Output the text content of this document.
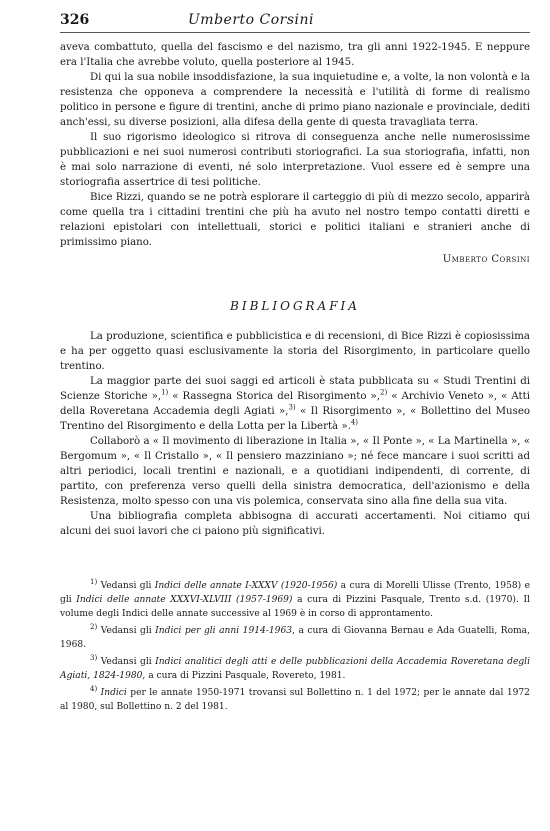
326	Umberto Corsini

aveva combattuto, quella del fascismo e del nazismo, tra gli anni 1922-1945. E neppure era l'Italia che avrebbe voluto, quella posteriore al 1945.

Di qui la sua nobile insoddisfazione, la sua inquietudine e, a volte, la non volontà e la resistenza che opponeva a comprendere la necessità e l'utilità di forme di realismo politico in persone e figure di trentini, anche di primo piano nazionale e provinciale, dediti anch'essi, su diverse posizioni, alla difesa della gente di questa travagliata terra.

Il suo rigorismo ideologico si ritrova di conseguenza anche nelle numerosissime pubblicazioni e nei suoi numerosi contributi storiografici. La sua storiografia, infatti, non è mai solo narrazione di eventi, né solo interpretazione. Vuol essere ed è sempre una storiografia assertrice di tesi politiche.

Bice Rizzi, quando se ne potrà esplorare il carteggio di più di mezzo secolo, apparirà come quella tra i cittadini trentini che più ha avuto nel nostro tempo contatti diretti e relazioni epistolari con intellettuali, storici e politici italiani e stranieri anche di primissimo piano.

Umberto Corsini
BIBLIOGRAFIA

La produzione, scientifica e pubblicistica e di recensioni, di Bice Rizzi è copiosissima e ha per oggetto quasi esclusivamente la storia del Risorgimento, in particolare quello trentino.

La maggior parte dei suoi saggi ed articoli è stata pubblicata su « Studi Trentini di Scienze Storiche »,$^{1)}$ « Rassegna Storica del Risorgimento »,$^{2)}$ « Archivio Veneto », « Atti della Roveretana Accademia degli Agiati »,$^{3)}$ « Il Risorgimento », « Bollettino del Museo Trentino del Risorgimento e della Lotta per la Libertà ».$^{4)}$

Collaborò a « Il movimento di liberazione in Italia », « Il Ponte », « La Martinella », « Bergomum », « Il Cristallo », « Il pensiero mazziniano »; né fece mancare i suoi scritti ad altri periodici, locali trentini e nazionali, e a quotidiani indipendenti, di corrente, di partito, con preferenza verso quelli della sinistra democratica, dell'azionismo e della Resistenza, molto spesso con una vis polemica, conservata sino alla fine della sua vita.

Una bibliografia completa abbisogna di accurati accertamenti. Noi citiamo qui alcuni dei suoi lavori che ci paiono più significativi.

$^{1)}$ Vedansi gli Indici delle annate I-XXXV (1920-1956) a cura di Morelli Ulisse (Trento, 1958) e gli Indici delle annate XXXVI-XLVIII (1957-1969) a cura di Pizzini Pasquale, Trento s.d. (1970). Il volume degli Indici delle annate successive al 1969 è in corso di approntamento.

$^{2)}$ Vedansi gli Indici per gli anni 1914-1963, a cura di Giovanna Bernau e Ada Guatelli, Roma, 1968.

$^{3)}$ Vedansi gli Indici analitici degli atti e delle pubblicazioni della Accademia Roveretana degli Agiati, 1824-1980, a cura di Pizzini Pasquale, Rovereto, 1981.

$^{4)}$ Indici per le annate 1950-1971 trovansi sul Bollettino n. 1 del 1972; per le annate dal 1972 al 1980, sul Bollettino n. 2 del 1981.
